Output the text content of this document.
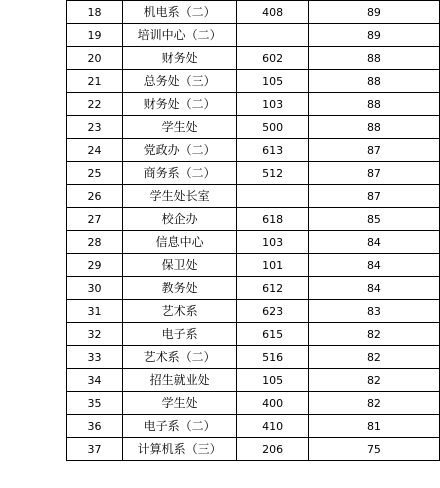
18	机电系（二）	408	89
19	培训中心（二）		89
20	财务处	602	88
21	总务处（三）	105	88
22	财务处（二）	103	88
23	学生处	500	88
24	党政办（二）	613	87
25	商务系（二）	512	87
26	学生处长室		87
27	校企办	618	85
28	信息中心	103	84
29	保卫处	101	84
30	教务处	612	84
31	艺术系	623	83
32	电子系	615	82
33	艺术系（二）	516	82
34	招生就业处	105	82
35	学生处	400	82
36	电子系（二）	410	81
37	计算机系（三）	206	75
